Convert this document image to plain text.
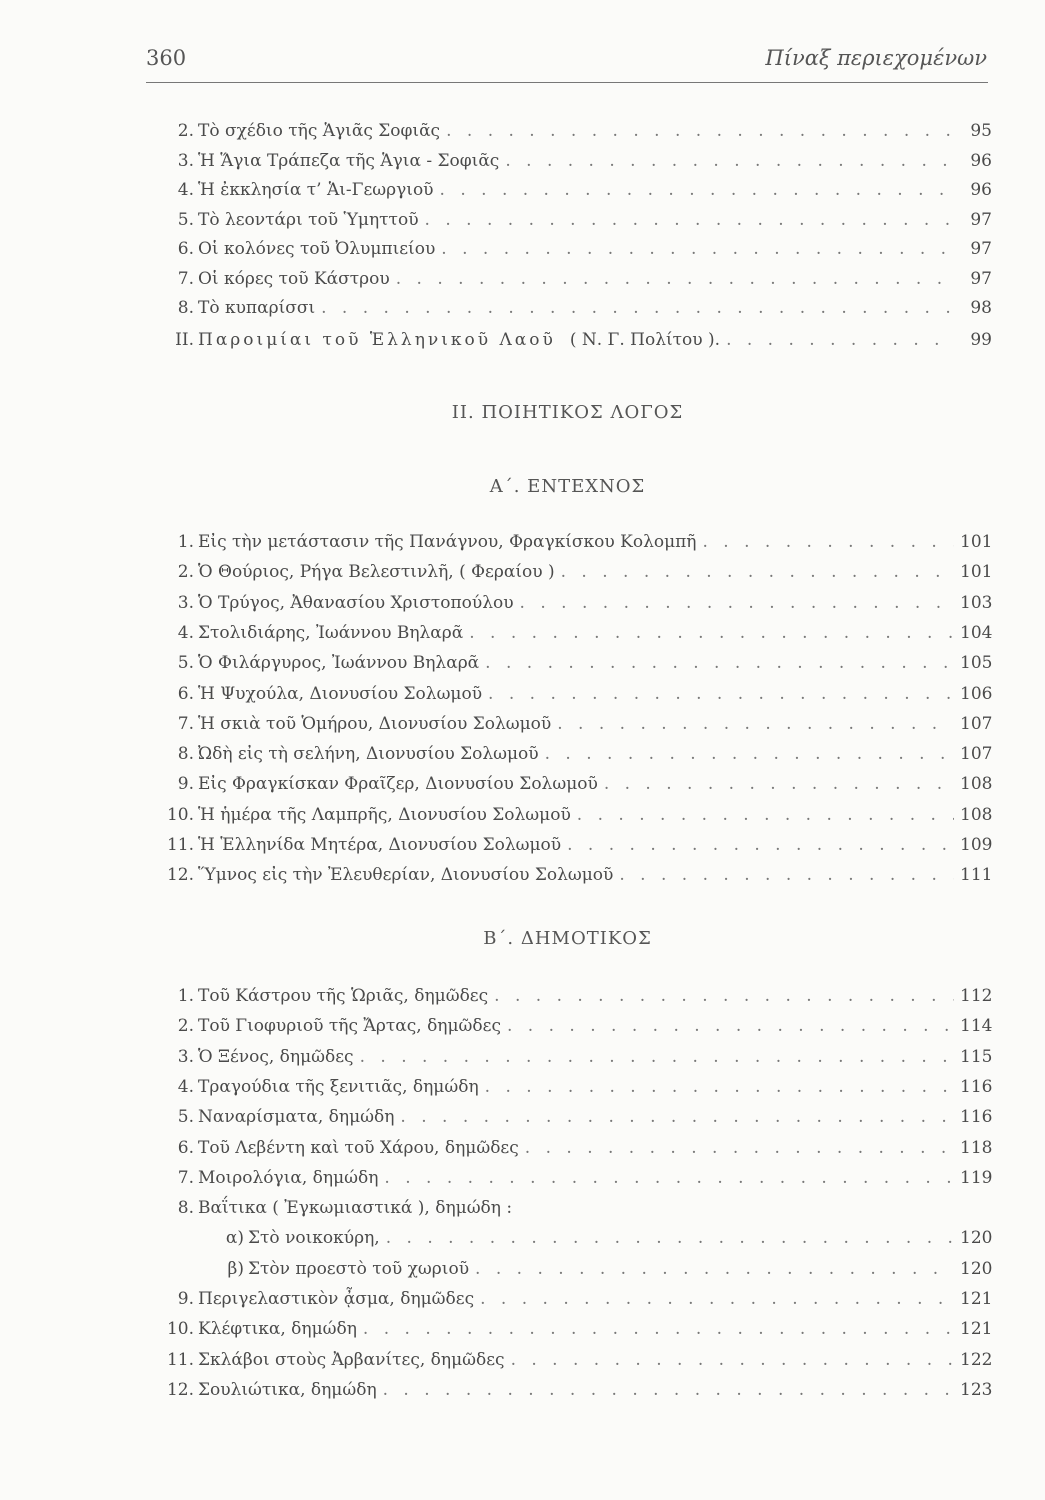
360	Πίναξ περιεχομένων
2. Τὸ σχέδιο τῆς Ἁγιᾶς Σοφιᾶς . . .	95
3. Ἡ Ἅγια Τράπεζα τῆς Ἁγια - Σοφιᾶς . . .	96
4. Ἡ ἐκκλησία τ’ Ἁι-Γεωργιοῦ . . .	96
5. Τὸ λεοντάρι τοῦ Ὑμηττοῦ . . .	97
6. Οἱ κολόνες τοῦ Ὀλυμπιείου . . .	97
7. Οἱ κόρες τοῦ Κάστρου . . .	97
8. Τὸ κυπαρίσσι . . .	98
II. Παροιμίαι τοῦ Ἑλληνικοῦ Λαοῦ ( Ν. Γ. Πολίτου ). . . .	99
II. ΠΟΙΗΤΙΚΟΣ ΛΟΓΟΣ
Α΄. ΕΝΤΕΧΝΟΣ
1. Εἰς τὴν μετάστασιν τῆς Πανάγνου, Φραγκίσκου Κολομπῆ . . .	101
2. Ὁ Θούριος, Ρήγα Βελεστινλῆ, ( Φεραίου ) . . .	101
3. Ὁ Τρύγος, Ἀθανασίου Χριστοπούλου . . .	103
4. Στολιδιάρης, Ἰωάννου Βηλαρᾶ . . .	104
5. Ὁ Φιλάργυρος, Ἰωάννου Βηλαρᾶ . . .	105
6. Ἡ Ψυχούλα, Διονυσίου Σολωμοῦ . . .	106
7. Ἡ σκιὰ τοῦ Ὁμήρου, Διονυσίου Σολωμοῦ . . .	107
8. Ὠδὴ εἰς τὴ σελήνη, Διονυσίου Σολωμοῦ . . .	107
9. Εἰς Φραγκίσκαν Φραῖζερ, Διονυσίου Σολωμοῦ . . .	108
10. Ἡ ἡμέρα τῆς Λαμπρῆς, Διονυσίου Σολωμοῦ . . .	108
11. Ἡ Ἑλληνίδα Μητέρα, Διονυσίου Σολωμοῦ . . .	109
12. Ὕμνος εἰς τὴν Ἐλευθερίαν, Διονυσίου Σολωμοῦ . . .	111
Β΄. ΔΗΜΟΤΙΚΟΣ
1. Τοῦ Κάστρου τῆς Ὡριᾶς, δημῶδες . . .	112
2. Τοῦ Γιοφυριοῦ τῆς Ἄρτας, δημῶδες . . .	114
3. Ὁ Ξένος, δημῶδες . . .	115
4. Τραγούδια τῆς ξενιτιᾶς, δημώδη . . .	116
5. Ναναρίσματα, δημώδη . . .	116
6. Τοῦ Λεβέντη καὶ τοῦ Χάρου, δημῶδες . . .	118
7. Μοιρολόγια, δημώδη . . .	119
8. Βαΐτικα ( Ἐγκωμιαστικά ), δημώδη :
α) Στὸ νοικοκύρη, . . .	120
β) Στὸν προεστὸ τοῦ χωριοῦ . . .	120
9. Περιγελαστικὸν ᾆσμα, δημῶδες . . .	121
10. Κλέφτικα, δημώδη . . .	121
11. Σκλάβοι στοὺς Ἀρβανίτες, δημῶδες . . .	122
12. Σουλιώτικα, δημώδη . . .	123
